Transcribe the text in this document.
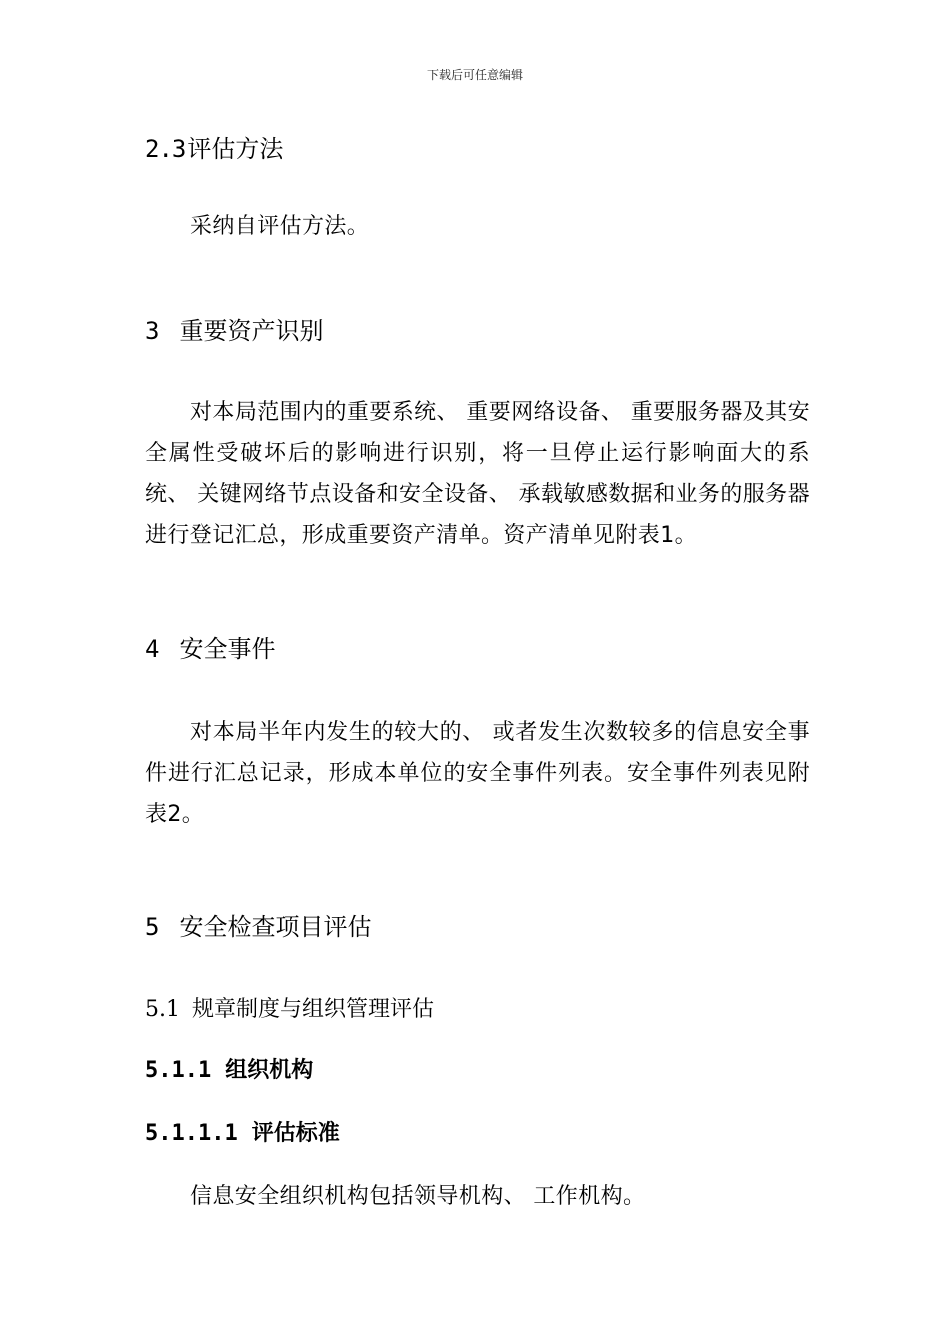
下载后可任意编辑
2.3评估方法

采纳自评估方法。

3 重要资产识别

对本局范围内的重要系统、 重要网络设备、 重要服务器及其安全属性受破坏后的影响进行识别，将一旦停止运行影响面大的系统、 关键网络节点设备和安全设备、 承载敏感数据和业务的服务器进行登记汇总，形成重要资产清单。资产清单见附表1。

4 安全事件

对本局半年内发生的较大的、 或者发生次数较多的信息安全事件进行汇总记录，形成本单位的安全事件列表。安全事件列表见附表2。

5 安全检查项目评估
5.1 规章制度与组织管理评估
5.1.1 组织机构
5.1.1.1 评估标准

信息安全组织机构包括领导机构、 工作机构。
